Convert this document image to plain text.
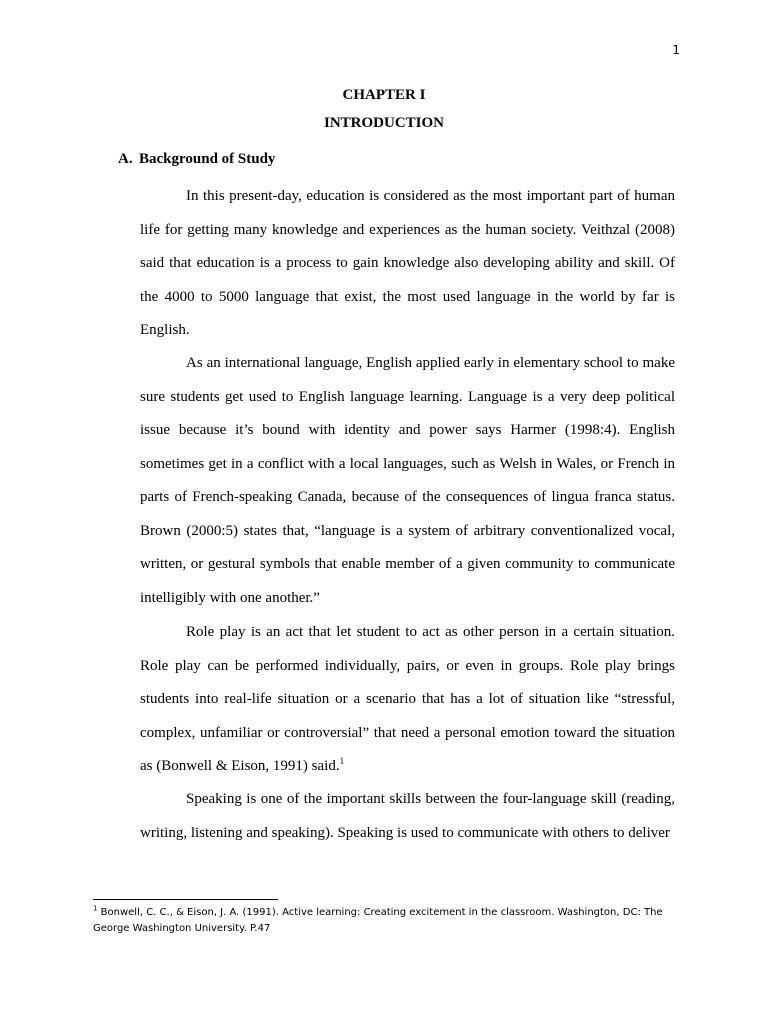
1
CHAPTER I
INTRODUCTION
A. Background of Study

In this present-day, education is considered as the most important part of human life for getting many knowledge and experiences as the human society. Veithzal (2008) said that education is a process to gain knowledge also developing ability and skill. Of the 4000 to 5000 language that exist, the most used language in the world by far is English.

As an international language, English applied early in elementary school to make sure students get used to English language learning. Language is a very deep political issue because it’s bound with identity and power says Harmer (1998:4). English sometimes get in a conflict with a local languages, such as Welsh in Wales, or French in parts of French-speaking Canada, because of the consequences of lingua franca status. Brown (2000:5) states that, “language is a system of arbitrary conventionalized vocal, written, or gestural symbols that enable member of a given community to communicate intelligibly with one another.”

Role play is an act that let student to act as other person in a certain situation. Role play can be performed individually, pairs, or even in groups. Role play brings students into real-life situation or a scenario that has a lot of situation like “stressful, complex, unfamiliar or controversial” that need a personal emotion toward the situation as (Bonwell & Eison, 1991) said.$^1$

Speaking is one of the important skills between the four-language skill (reading, writing, listening and speaking). Speaking is used to communicate with others to deliver

$^1$ Bonwell, C. C., & Eison, J. A. (1991). Active learning: Creating excitement in the classroom. Washington, DC: The George Washington University. P.47
